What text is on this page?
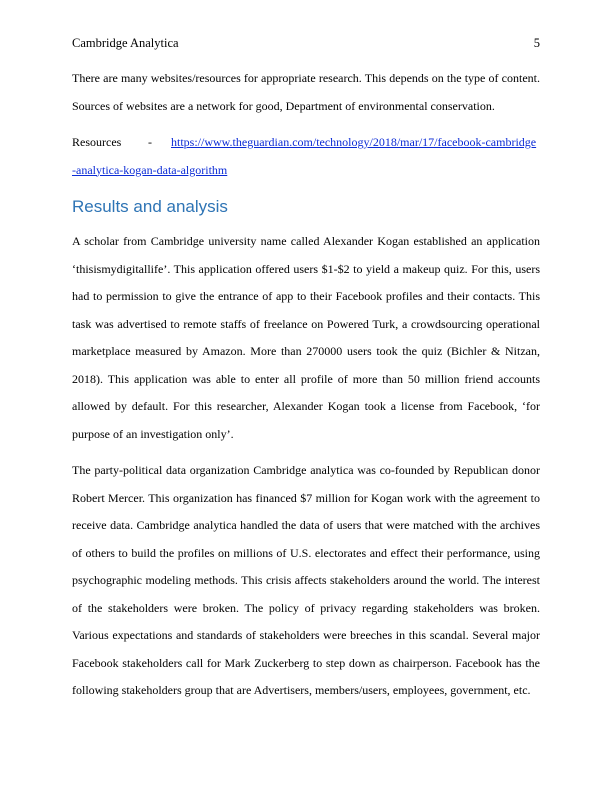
Cambridge Analytica	5

There are many websites/resources for appropriate research. This depends on the type of content. Sources of websites are a network for good, Department of environmental conservation.

Resources - https://www.theguardian.com/technology/2018/mar/17/facebook-cambridge-analytica-kogan-data-algorithm

Results and analysis

A scholar from Cambridge university name called Alexander Kogan established an application ‘thisismydigitallife’. This application offered users $1-$2 to yield a makeup quiz. For this, users had to permission to give the entrance of app to their Facebook profiles and their contacts. This task was advertised to remote staffs of freelance on Powered Turk, a crowdsourcing operational marketplace measured by Amazon. More than 270000 users took the quiz (Bichler & Nitzan, 2018). This application was able to enter all profile of more than 50 million friend accounts allowed by default. For this researcher, Alexander Kogan took a license from Facebook, ‘for purpose of an investigation only’.

The party-political data organization Cambridge analytica was co-founded by Republican donor Robert Mercer. This organization has financed $7 million for Kogan work with the agreement to receive data. Cambridge analytica handled the data of users that were matched with the archives of others to build the profiles on millions of U.S. electorates and effect their performance, using psychographic modeling methods. This crisis affects stakeholders around the world. The interest of the stakeholders were broken. The policy of privacy regarding stakeholders was broken. Various expectations and standards of stakeholders were breeches in this scandal. Several major Facebook stakeholders call for Mark Zuckerberg to step down as chairperson. Facebook has the following stakeholders group that are Advertisers, members/users, employees, government, etc.
